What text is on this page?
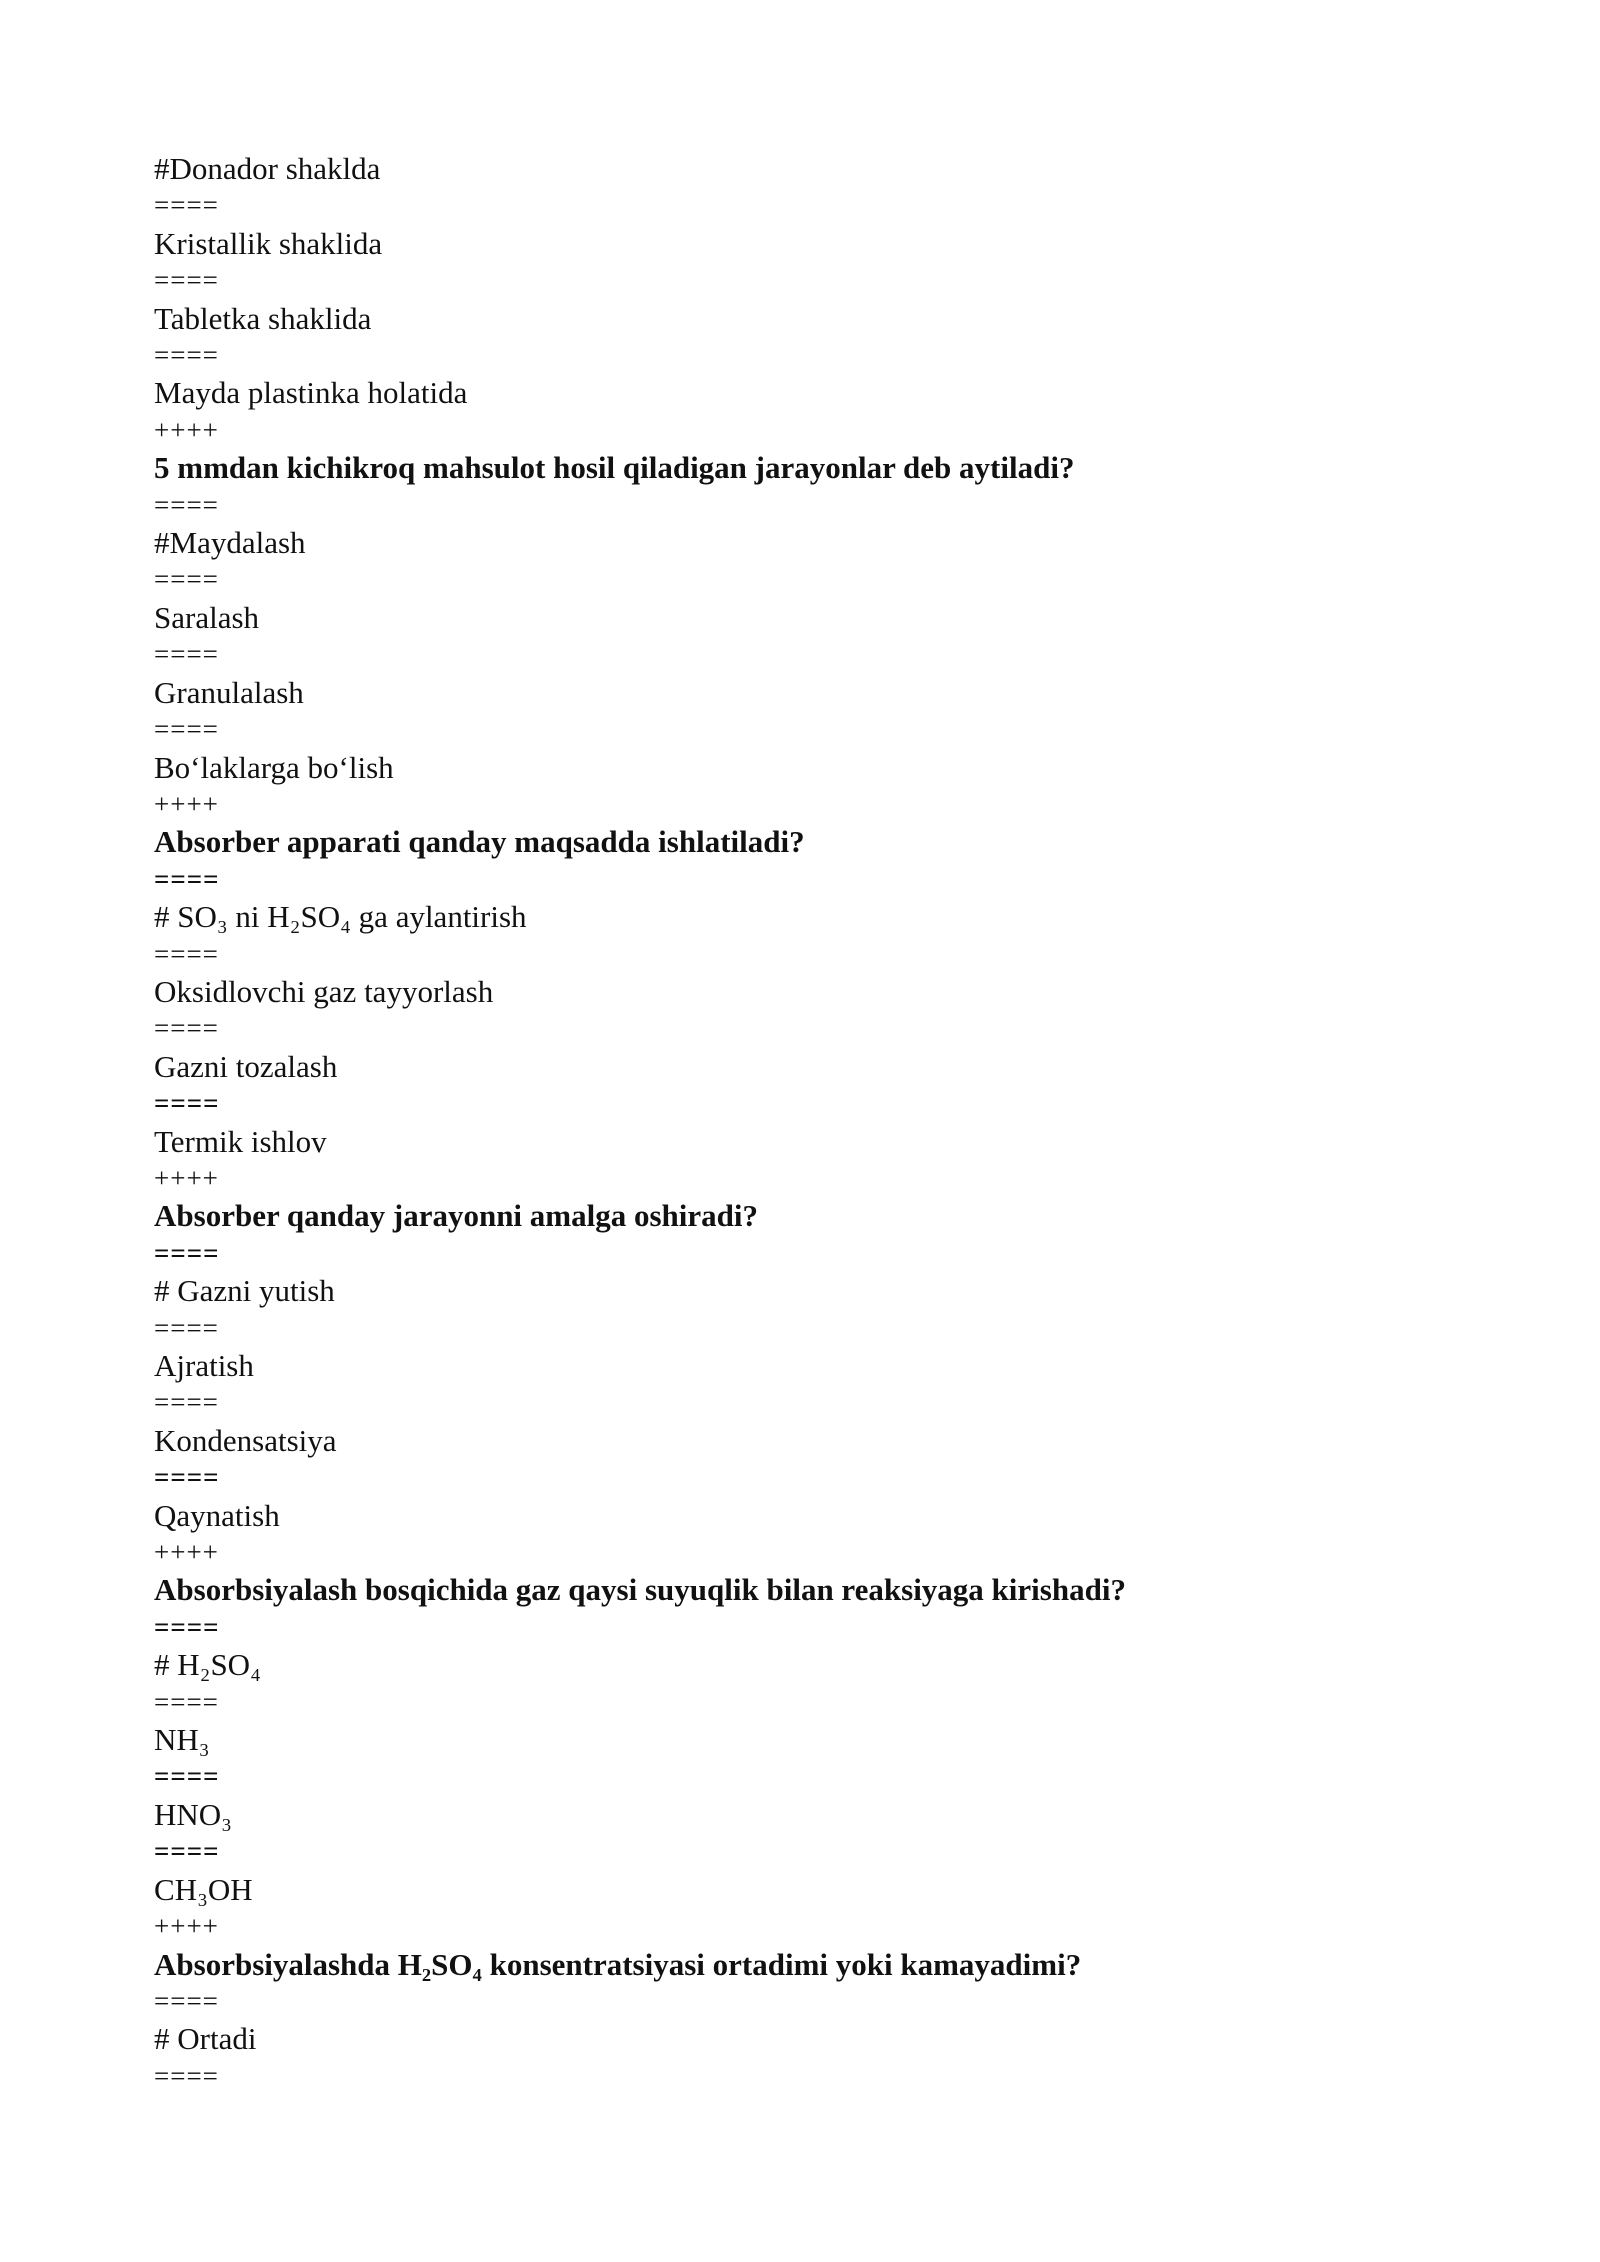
#Donador shaklda
====
Kristallik shaklida
====
Tabletka shaklida
====
Mayda plastinka holatida
++++
5 mmdan kichikroq mahsulot hosil qiladigan jarayonlar deb aytiladi?
====
#Maydalash
====
Saralash
====
Granulalash
====
Bo‘laklarga bo‘lish
++++
Absorber apparati qanday maqsadda ishlatiladi?
====
# SO₃ ni H₂SO₄ ga aylantirish
====
Oksidlovchi gaz tayyorlash
====
Gazni tozalash
====
Termik ishlov
++++
Absorber qanday jarayonni amalga oshiradi?
====
# Gazni yutish
====
Ajratish
====
Kondensatsiya
====
Qaynatish
++++
Absorbsiyalash bosqichida gaz qaysi suyuqlik bilan reaksiyaga kirishadi?
====
# H₂SO₄
====
NH₃
====
HNO₃
====
CH₃OH
++++
Absorbsiyalashda H₂SO₄ konsentratsiyasi ortadimi yoki kamayadimi?
====
# Ortadi
====
